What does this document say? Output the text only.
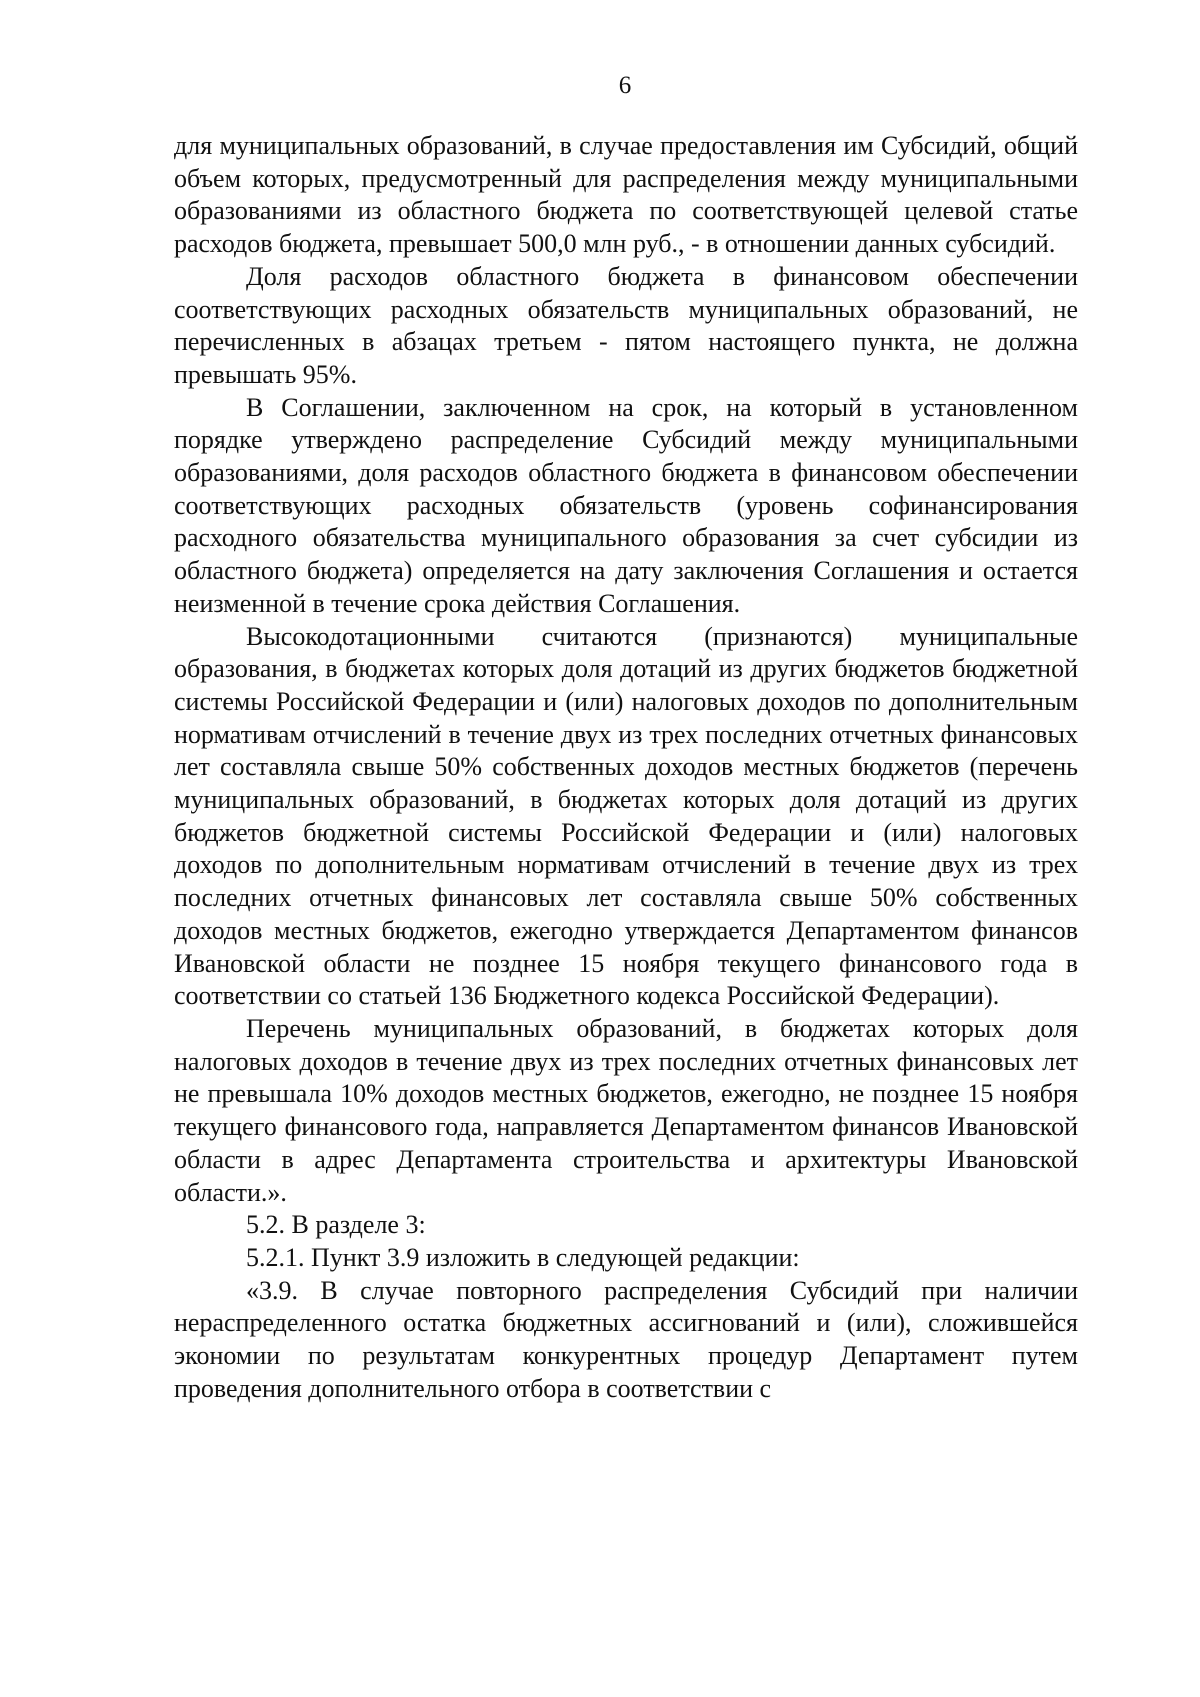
6

для муниципальных образований, в случае предоставления им Субсидий, общий объем которых, предусмотренный для распределения между муниципальными образованиями из областного бюджета по соответствующей целевой статье расходов бюджета, превышает 500,0 млн руб., - в отношении данных субсидий.

Доля расходов областного бюджета в финансовом обеспечении соответствующих расходных обязательств муниципальных образований, не перечисленных в абзацах третьем - пятом настоящего пункта, не должна превышать 95%.

В Соглашении, заключенном на срок, на который в установленном порядке утверждено распределение Субсидий между муниципальными образованиями, доля расходов областного бюджета в финансовом обеспечении соответствующих расходных обязательств (уровень софинансирования расходного обязательства муниципального образования за счет субсидии из областного бюджета) определяется на дату заключения Соглашения и остается неизменной в течение срока действия Соглашения.

Высокодотационными считаются (признаются) муниципальные образования, в бюджетах которых доля дотаций из других бюджетов бюджетной системы Российской Федерации и (или) налоговых доходов по дополнительным нормативам отчислений в течение двух из трех последних отчетных финансовых лет составляла свыше 50% собственных доходов местных бюджетов (перечень муниципальных образований, в бюджетах которых доля дотаций из других бюджетов бюджетной системы Российской Федерации и (или) налоговых доходов по дополнительным нормативам отчислений в течение двух из трех последних отчетных финансовых лет составляла свыше 50% собственных доходов местных бюджетов, ежегодно утверждается Департаментом финансов Ивановской области не позднее 15 ноября текущего финансового года в соответствии со статьей 136 Бюджетного кодекса Российской Федерации).

Перечень муниципальных образований, в бюджетах которых доля налоговых доходов в течение двух из трех последних отчетных финансовых лет не превышала 10% доходов местных бюджетов, ежегодно, не позднее 15 ноября текущего финансового года, направляется Департаментом финансов Ивановской области в адрес Департамента строительства и архитектуры Ивановской области.».

5.2. В разделе 3:

5.2.1. Пункт 3.9 изложить в следующей редакции:

«3.9. В случае повторного распределения Субсидий при наличии нераспределенного остатка бюджетных ассигнований и (или), сложившейся экономии по результатам конкурентных процедур Департамент путем проведения дополнительного отбора в соответствии с
